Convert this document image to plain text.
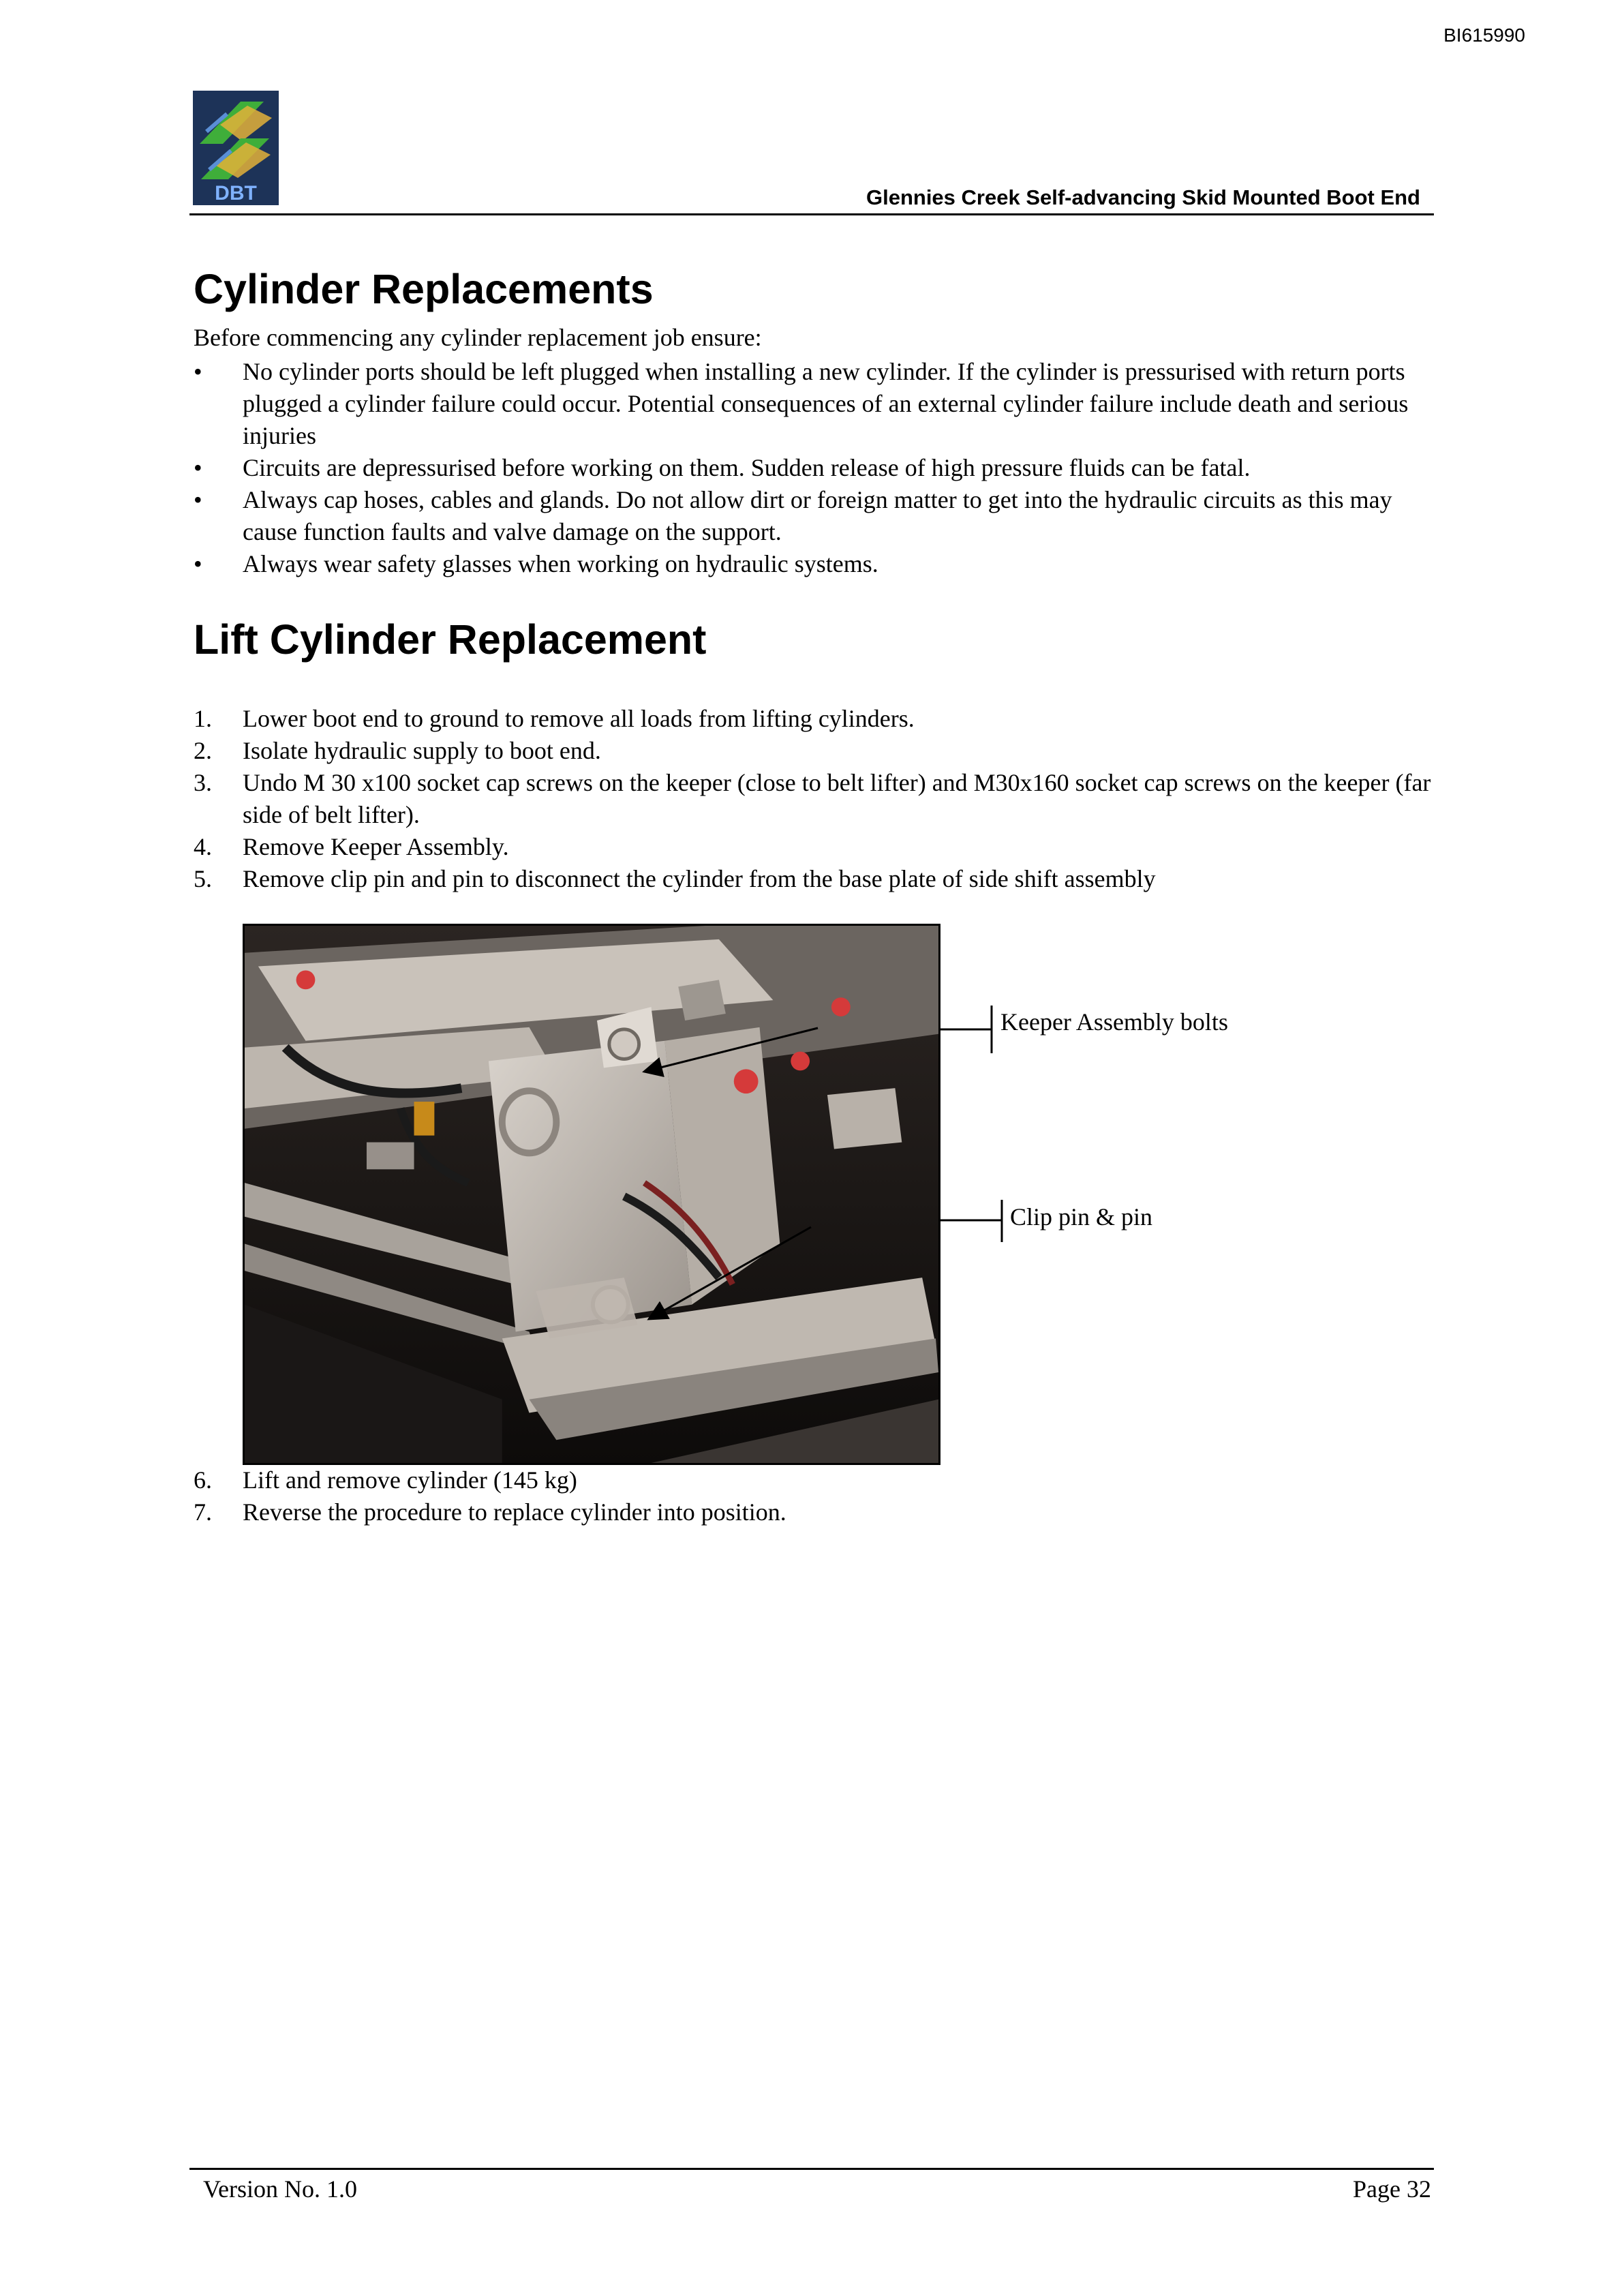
BI615990
DBT	Glennies Creek Self-advancing Skid Mounted Boot End
Cylinder Replacements
Before commencing any cylinder replacement job ensure:
• No cylinder ports should be left plugged when installing a new cylinder. If the cylinder is pressurised with return ports plugged a cylinder failure could occur. Potential consequences of an external cylinder failure include death and serious injuries
• Circuits are depressurised before working on them. Sudden release of high pressure fluids can be fatal.
• Always cap hoses, cables and glands. Do not allow dirt or foreign matter to get into the hydraulic circuits as this may cause function faults and valve damage on the support.
• Always wear safety glasses when working on hydraulic systems.
Lift Cylinder Replacement
1. Lower boot end to ground to remove all loads from lifting cylinders.
2. Isolate hydraulic supply to boot end.
3. Undo M 30 x100 socket cap screws on the keeper (close to belt lifter) and M30x160 socket cap screws on the keeper (far side of belt lifter).
4. Remove Keeper Assembly.
5. Remove clip pin and pin to disconnect the cylinder from the base plate of side shift assembly
Keeper Assembly bolts
Clip pin & pin
6. Lift and remove cylinder (145 kg)
7. Reverse the procedure to replace cylinder into position.
Version No. 1.0	Page 32
